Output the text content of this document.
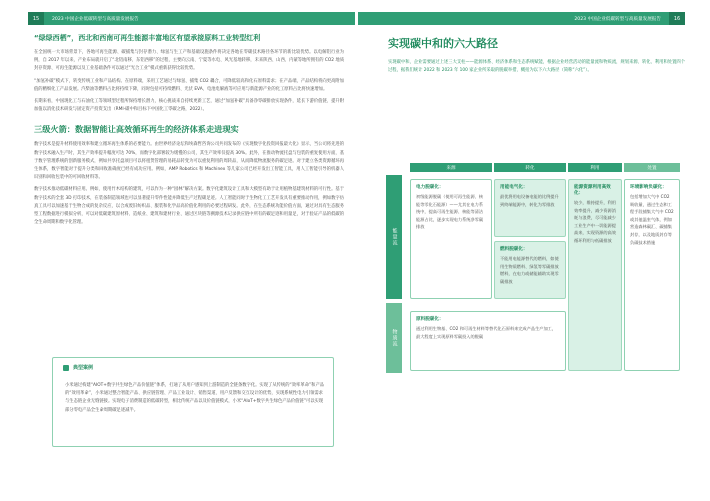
15	2023 中国企业低碳转型与高质量发展报告	2023 中国企业低碳转型与高质量发展报告	16
“绿绿西栖”，西北和西南可再生能源丰富地区有望承接原料工业转型红利

在全国统一大市场背景下，各地可再生能源、碳捕集与封存潜力、绿氢与生工产和基础设施条件将决定各地在零碳技术路径各环节的新比较优势。以电解铝行业为例，自 2017 年以来，产业布局就开启了“北铝南移、东铝西移”的过程，主要向云南、宁夏等水电、风光基地转移，未来陕西、山西、内蒙等地所拥有的 CO2 地质封存资源、可再生能源以及工业基础条件可以通过“光合工业”模式重新获得比较优势。

“加氢补碳”模式下，转变传统工业和产品结构。在原料端，采用工艺通过与绿氢、捕集 CO2 耦合，可降低较高和化石原料需求；在产品端，产品结构将向更高附加值的精细化工产品发展。汽柴油等燃料占比将持续下降，同时包括可持续燃料、光伏 EVA、电池电解液等可应用与新能源产业的化工原料占比将快速增加。

长期来看，中国现化工与石油化工等领域型过程所保持增长潜力，核心挑战来自持续更新工艺，通过“加氢补碳”具备净零碳排放实现条件，延长下游价值链、提升附加值以消化技术研发与固定资产投资支出（RMI-碳中和目标下中国化工零碳之路，2022）。

三级火箭：数据智能让高效循环再生的经济体系走进现实

数字技术是提升材料使用效率和建立循环再生体系的必要能力。由世界经济论坛和埃森哲咨询公司共同发布的《实现数字化投资回报最大化》显示，当公司将先进的数字技术融入生产时，其生产效率提升幅度可达 70%，而数字化部署较为缓慢的公司，其生产效率仅提高 30%。此外，在推动物流托盘与包装的重复使用方面，基于数字管理系统的创新服务模式，例如共享托盘项目可以将租赁管理的易耗品转变为可以重复利用的周转品，从而降低物流服务的碳足迹。对于建立各类资源循环再生体系，数字智能对于提升分类和回收准确度已经有成功应用。例如，AMP Robotics 和 Machinex 等几家公司已经开发出工智能工具，用人工智能引导的机器人识别和回收包装中的可回收材料等。

数字技术推动低碳材料应用。例如，使用竹木结构的建筑，可以作为一种“园林”解决方案。数字化建筑设计工具和大模型有助于让用植物基建筑材料的可行性。基于数字技术的全套 3D 打印技术，在装备制造领域也可以显著提升零件性能并降低生产过程碳足迹。人工智能同时于生物化工工艺开发具有重要推动作用，例如数字仿真工具可以加速基于生物合成的复杂反应，以合成废旧纺织品、服装和化学品高价值化利用的必要过程研发。此外，在生态系统功能价值方面，通过对具有生态服务型工程数据进行模拟分析，可以对低碳建筑原材料、造纸业、建筑和建材行业、通过区块链等溯源技术记录供应链中所有的碳足迹和用量足，对于验证产品的低碳的全生命周期和数字化管理。

典型案例
小米通过构建“AIOT+数字共生绿色产品价值链”体系，打通了从用户感知到上游制造的全链条数字化。实现了从传统的“效率革命”和产品的“效用革命”，小米通过整合智能产品、供应链管理、产品工业设计、销售渠道、用户反馈和交互设计的优势，实现系统性电力引领需求与生态链企业无缝链接。实现电子消费制造的低碳转型，相比传统产品以及价值链模式，小米“AIoT+数字共生绿色产品价值链”可以实现部分零电产品全生命周期碳足迹减半。
实现碳中和的六大路径

实现碳中和，企业需要通过上述三大支柱——能源体系、经济体系和生态系统赋能，根据企业经营活动的能量流和物质流，规划来源、转化、利用和处置四个过程，据我们统计 2022 和 2023 年 100 家企业所采取的脱碳举措，概括为以下六大路径（简称“六化”）。

来源	转化	利用	处置
能量流
物质流
电力脱碳化：
初级能源脱碳（使用可再生能源、核能等零化石能源）——尤其在电力系统中，提高可再生能源、核能等清洁能源占比，逐步实现电力系统净零碳排放
用能电气化：
最优将用电设备电能的比例提升到终端能源中，转化为零排放
燃料脱碳化：
不能用电能源替代的燃料，如使用生物质燃料、绿氢等零碳排放燃料，在电力或储能辅助实现零碳排放
原料脱碳化：
通过利用生物基、CO2 和可再生材料等替代化石原料来完成产品生产加工，最大程度上实现原料零碳投入的脱碳
能源资源利用高效化：
较少，维持提升，利用效率提升，减少资源消耗与浪费，尽可能减少工业生产中一切能源提高来，实现资源的高效循环利用与低碳排放
环境影响负碳化：
包括增加大气中 CO2 吸收量，通过生态和工程手段捕集大气中 CO2 或其他温室气体，例如营造森林碳汇、碳捕集封存，以及地质封存等负碳技术措施
